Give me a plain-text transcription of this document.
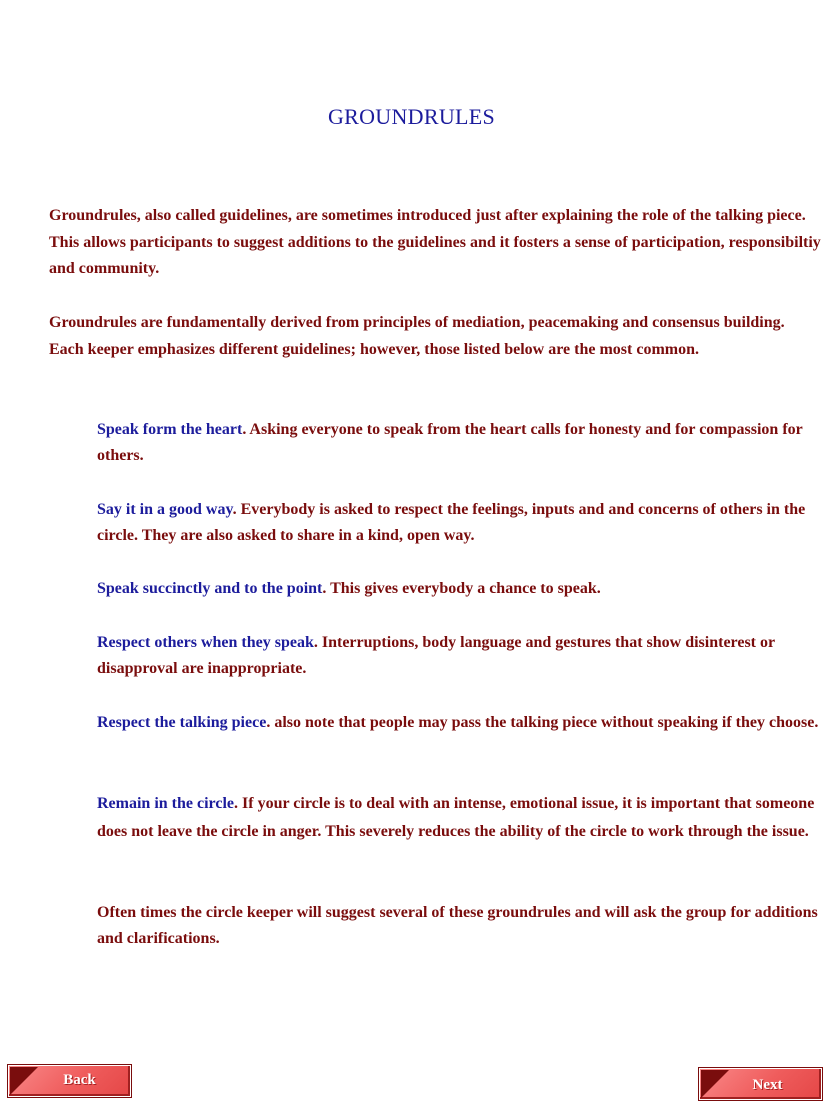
GROUNDRULES

Groundrules, also called guidelines, are sometimes introduced just after explaining the role of the talking piece. This allows participants to suggest additions to the guidelines and it fosters a sense of participation, responsibiltiy and community.

Groundrules are fundamentally derived from principles of mediation, peacemaking and consensus building. Each keeper emphasizes different guidelines; however, those listed below are the most common.

Speak form the heart. Asking everyone to speak from the heart calls for honesty and for compassion for others.

Say it in a good way. Everybody is asked to respect the feelings, inputs and and concerns of others in the circle. They are also asked to share in a kind, open way.

Speak succinctly and to the point. This gives everybody a chance to speak.

Respect others when they speak. Interruptions, body language and gestures that show disinterest or disapproval are inappropriate.

Respect the talking piece. also note that people may pass the talking piece without speaking if they choose.

Remain in the circle. If your circle is to deal with an intense, emotional issue, it is important that someone does not leave the circle in anger. This severely reduces the ability of the circle to work through the issue.

Often times the circle keeper will suggest several of these groundrules and will ask the group for additions and clarifications.

Back	Next
